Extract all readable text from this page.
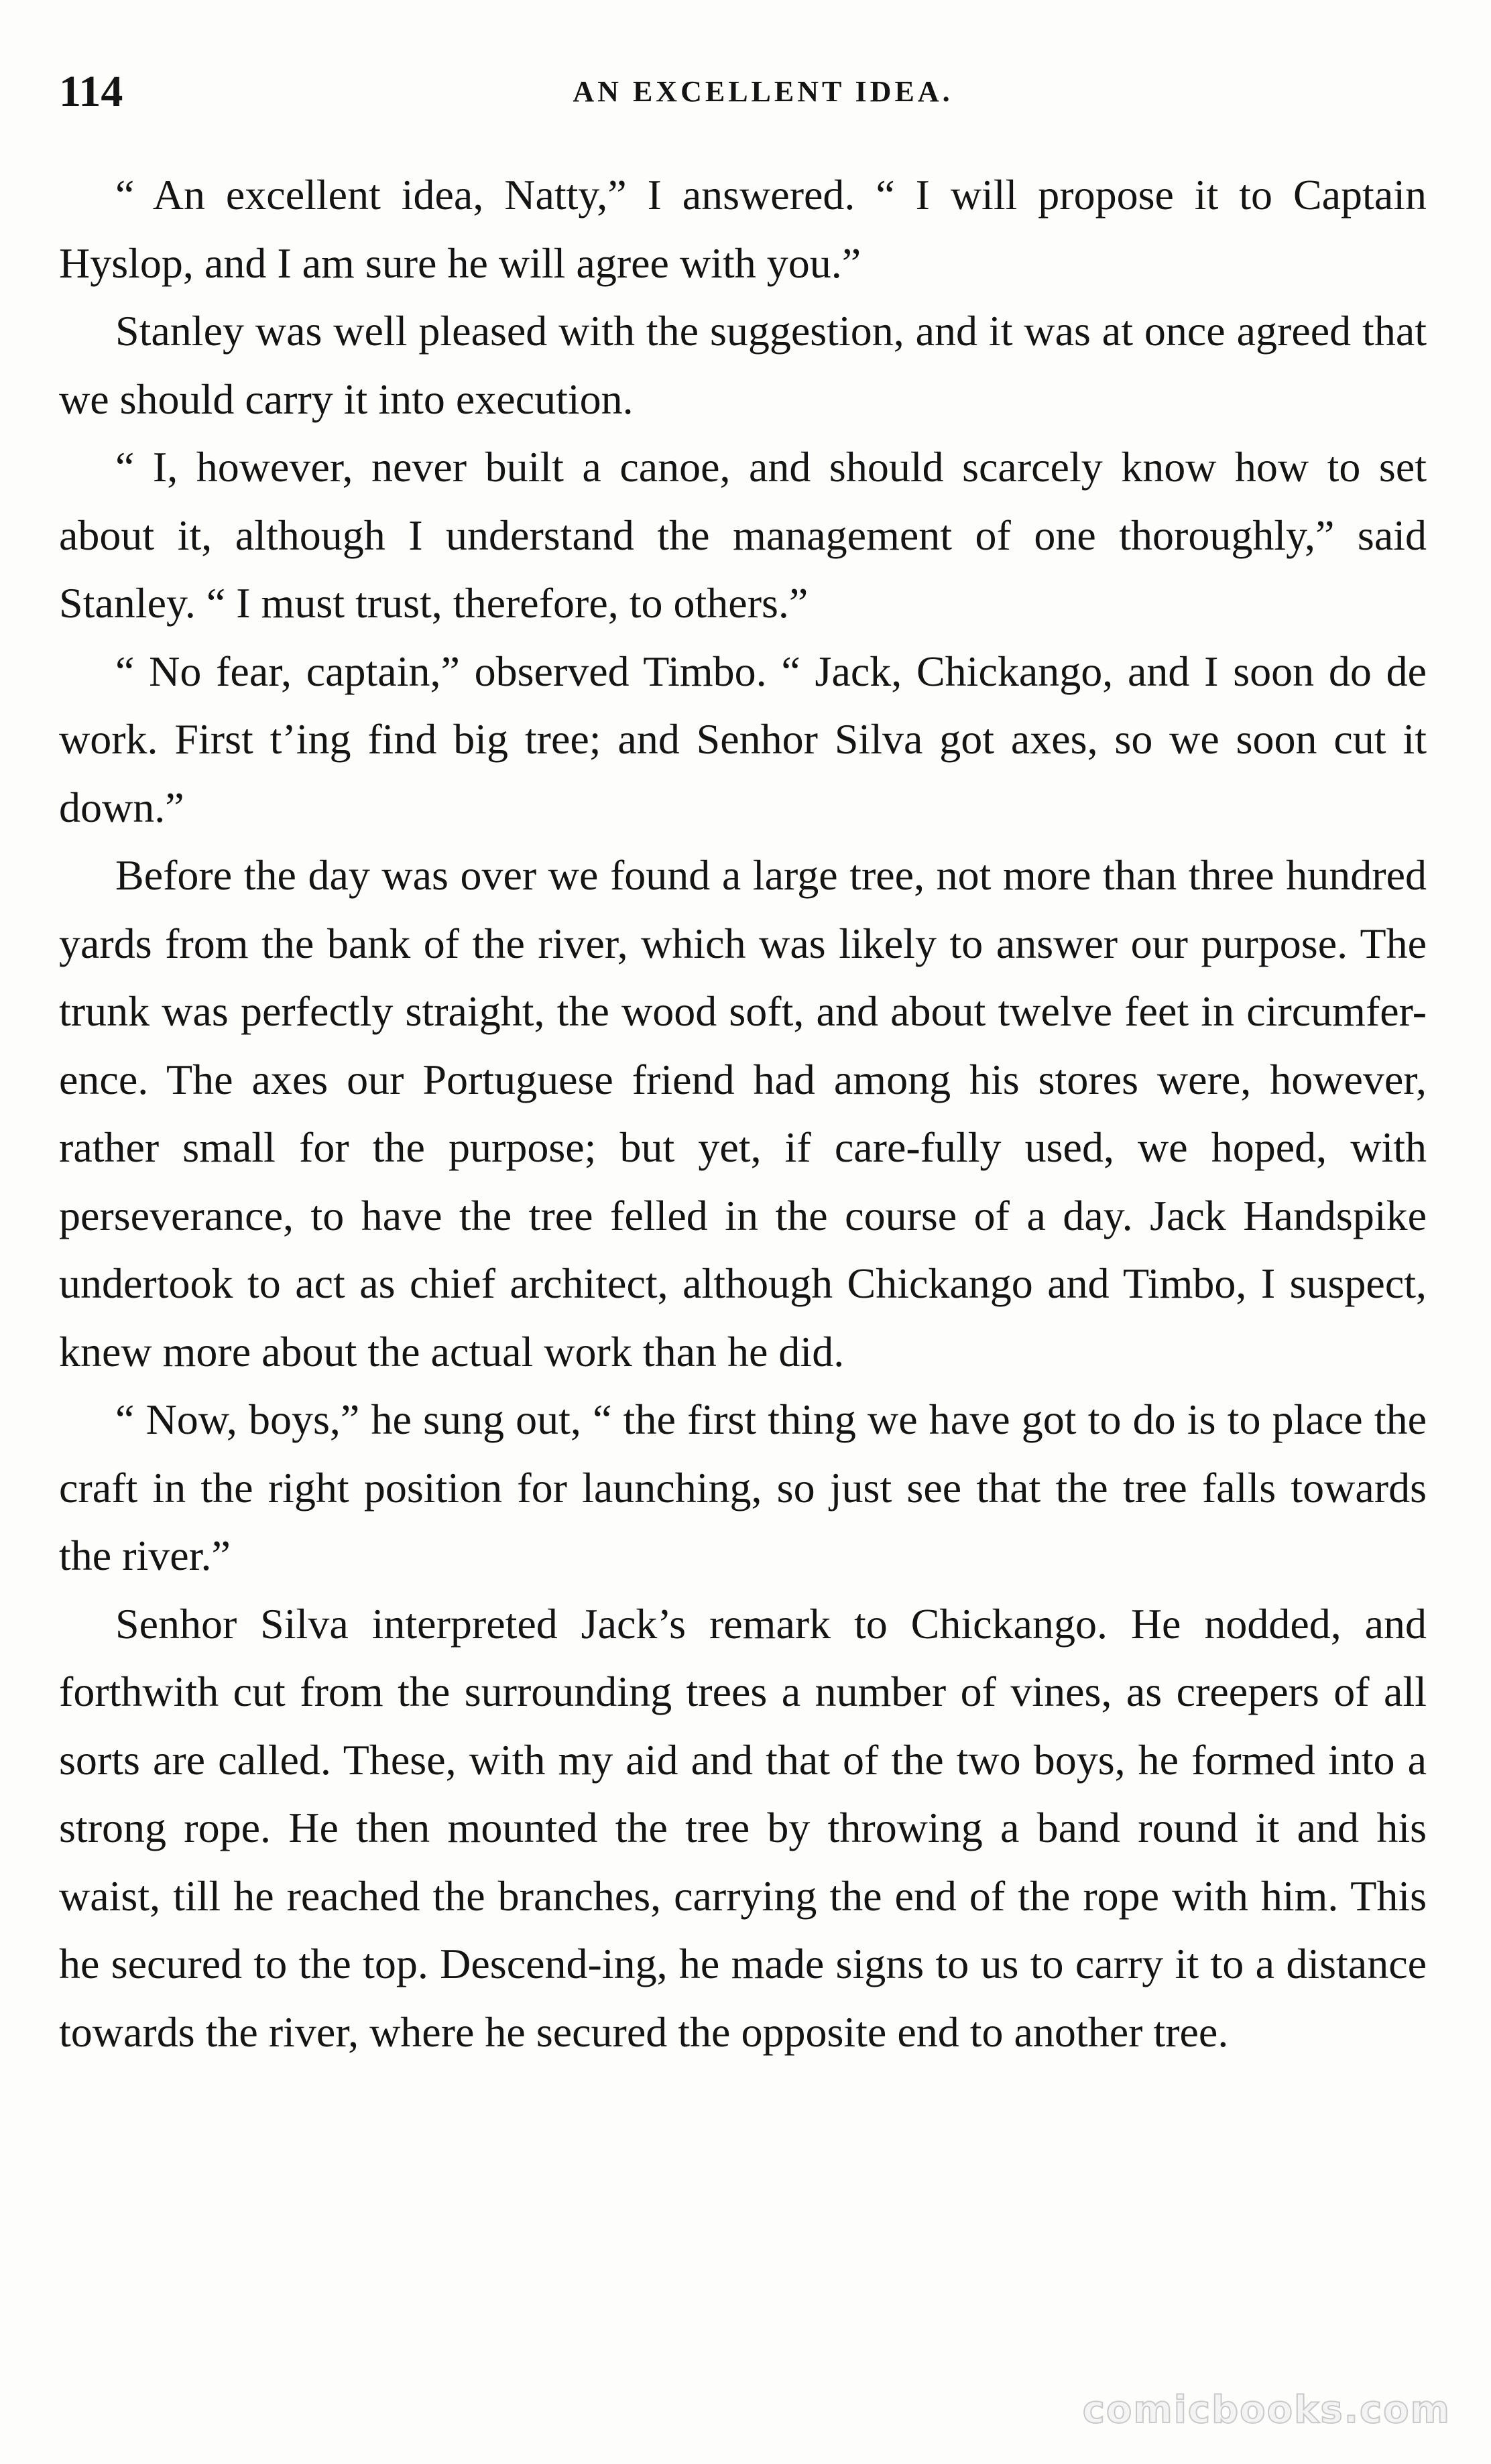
114	AN EXCELLENT IDEA.

“ An excellent idea, Natty,” I answered. “ I will propose it to Captain Hyslop, and I am sure he will agree with you.”

Stanley was well pleased with the suggestion, and it was at once agreed that we should carry it into execution.

“ I, however, never built a canoe, and should scarcely know how to set about it, although I understand the management of one thoroughly,” said Stanley. “ I must trust, therefore, to others.”

“ No fear, captain,” observed Timbo. “ Jack, Chickango, and I soon do de work. First t’ing find big tree; and Senhor Silva got axes, so we soon cut it down.”

Before the day was over we found a large tree, not more than three hundred yards from the bank of the river, which was likely to answer our purpose. The trunk was perfectly straight, the wood soft, and about twelve feet in circumfer-ence. The axes our Portuguese friend had among his stores were, however, rather small for the purpose; but yet, if care-fully used, we hoped, with perseverance, to have the tree felled in the course of a day. Jack Handspike undertook to act as chief architect, although Chickango and Timbo, I suspect, knew more about the actual work than he did.

“ Now, boys,” he sung out, “ the first thing we have got to do is to place the craft in the right position for launching, so just see that the tree falls towards the river.”

Senhor Silva interpreted Jack’s remark to Chickango. He nodded, and forthwith cut from the surrounding trees a number of vines, as creepers of all sorts are called. These, with my aid and that of the two boys, he formed into a strong rope. He then mounted the tree by throwing a band round it and his waist, till he reached the branches, carrying the end of the rope with him. This he secured to the top. Descend-ing, he made signs to us to carry it to a distance towards the river, where he secured the opposite end to another tree.

comicbooks.com
